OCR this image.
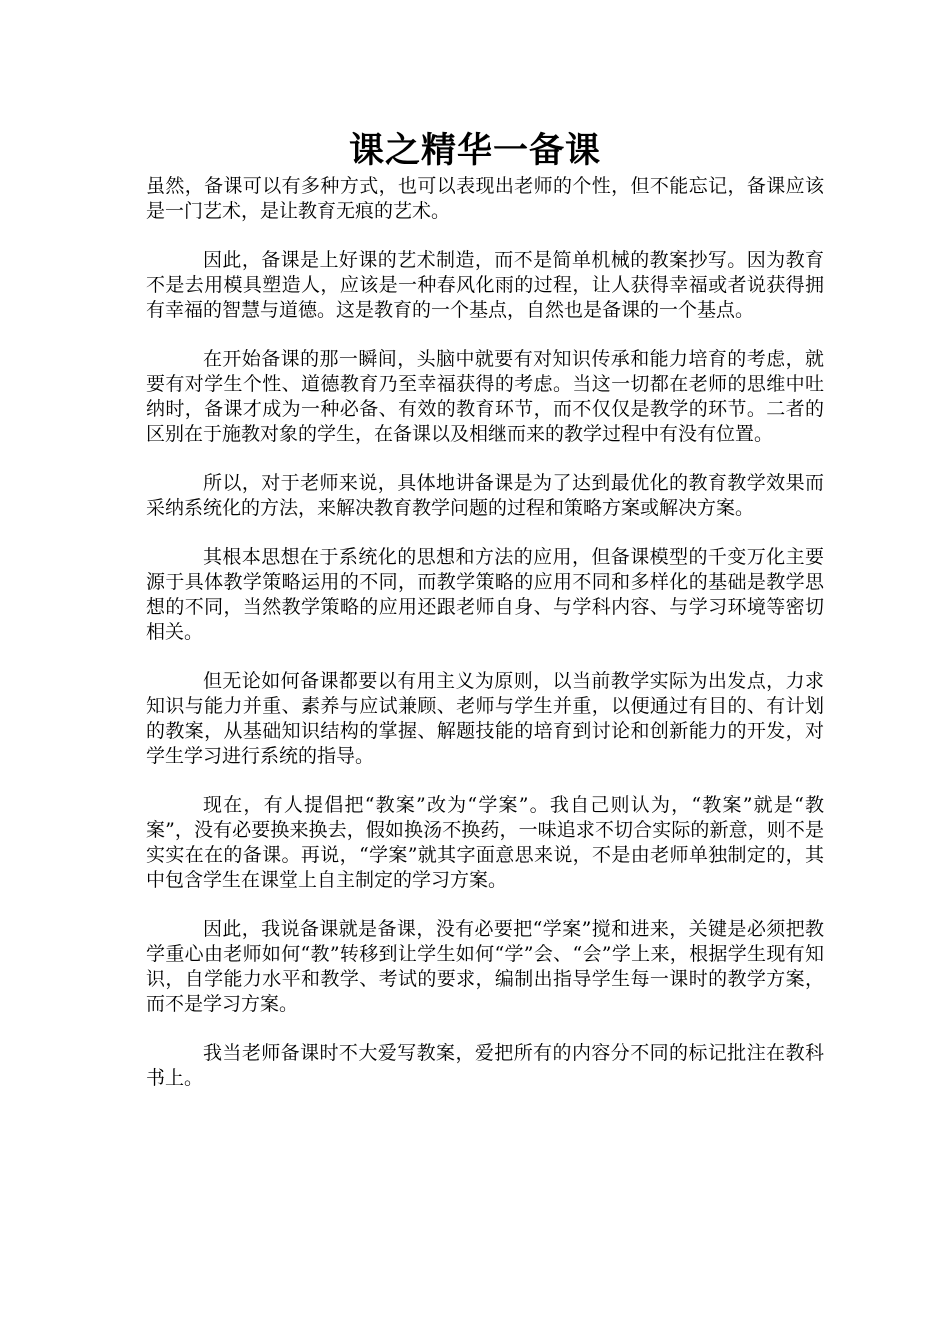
课之精华一备课

虽然，备课可以有多种方式，也可以表现出老师的个性，但不能忘记，备课应该是一门艺术，是让教育无痕的艺术。

因此，备课是上好课的艺术制造，而不是简单机械的教案抄写。因为教育不是去用模具塑造人，应该是一种春风化雨的过程，让人获得幸福或者说获得拥有幸福的智慧与道德。这是教育的一个基点，自然也是备课的一个基点。

在开始备课的那一瞬间，头脑中就要有对知识传承和能力培育的考虑，就要有对学生个性、道德教育乃至幸福获得的考虑。当这一切都在老师的思维中吐纳时，备课才成为一种必备、有效的教育环节，而不仅仅是教学的环节。二者的区别在于施教对象的学生，在备课以及相继而来的教学过程中有没有位置。

所以，对于老师来说，具体地讲备课是为了达到最优化的教育教学效果而采纳系统化的方法，来解决教育教学问题的过程和策略方案或解决方案。

其根本思想在于系统化的思想和方法的应用，但备课模型的千变万化主要源于具体教学策略运用的不同，而教学策略的应用不同和多样化的基础是教学思想的不同，当然教学策略的应用还跟老师自身、与学科内容、与学习环境等密切相关。

但无论如何备课都要以有用主义为原则，以当前教学实际为出发点，力求知识与能力并重、素养与应试兼顾、老师与学生并重，以便通过有目的、有计划的教案，从基础知识结构的掌握、解题技能的培育到讨论和创新能力的开发，对学生学习进行系统的指导。

现在，有人提倡把“教案”改为“学案”。我自己则认为，“教案”就是“教案”，没有必要换来换去，假如换汤不换药，一味追求不切合实际的新意，则不是实实在在的备课。再说，“学案”就其字面意思来说，不是由老师单独制定的，其中包含学生在课堂上自主制定的学习方案。

因此，我说备课就是备课，没有必要把“学案”搅和进来，关键是必须把教学重心由老师如何“教”转移到让学生如何“学”会、“会”学上来，根据学生现有知识，自学能力水平和教学、考试的要求，编制出指导学生每一课时的教学方案，而不是学习方案。

我当老师备课时不大爱写教案，爱把所有的内容分不同的标记批注在教科书上。
